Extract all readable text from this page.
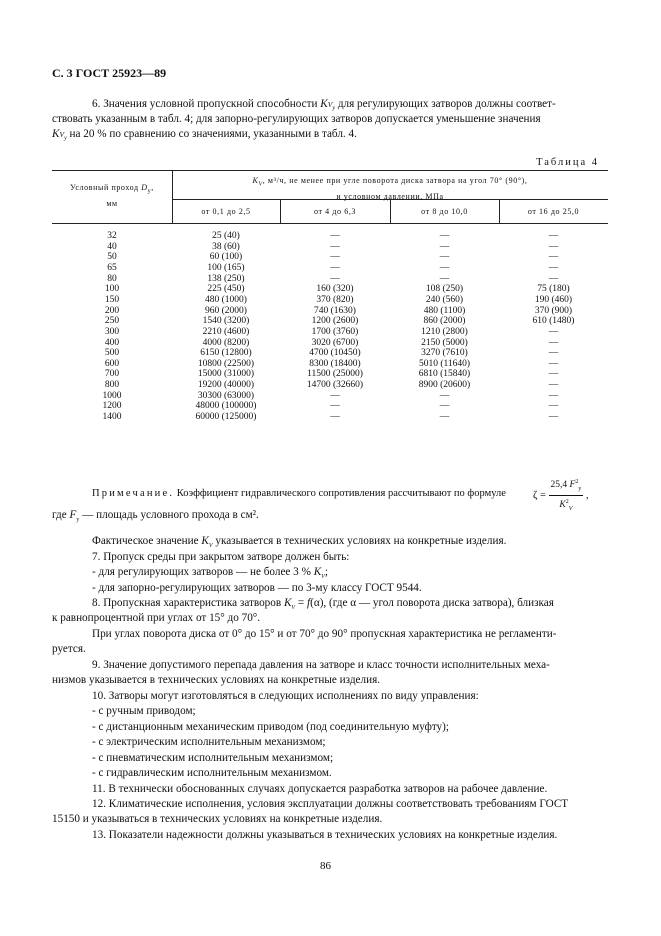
С. 3 ГОСТ 25923—89
6. Значения условной пропускной способности $KV_y$ для регулирующих затворов должны соответ-
ствовать указанным в табл. 4; для запорно-регулирующих затворов допускается уменьшение значения
$KV_y$ на 20 % по сравнению со значениями, указанными в табл. 4.
Таблица 4
Условный проход $D_у$,
мм
$K_V$, м³/ч, не менее при угле поворота диска затвора на угол 70° (90°),
и условном давлении, МПа
от 0,1 до 2,5	от 4 до 6,3	от 8 до 10,0	от 16 до 25,0
32	25 (40)	—	—	—
40	38 (60)	—	—	—
50	60 (100)	—	—	—
65	100 (165)	—	—	—
80	138 (250)	—	—	—
100	225 (450)	160 (320)	108 (250)	75 (180)
150	480 (1000)	370 (820)	240 (560)	190 (460)
200	960 (2000)	740 (1630)	480 (1100)	370 (900)
250	1540 (3200)	1200 (2600)	860 (2000)	610 (1480)
300	2210 (4600)	1700 (3760)	1210 (2800)	—
400	4000 (8200)	3020 (6700)	2150 (5000)	—
500	6150 (12800)	4700 (10450)	3270 (7610)	—
600	10800 (22500)	8300 (18400)	5010 (11640)	—
700	15000 (31000)	11500 (25000)	6810 (15840)	—
800	19200 (40000)	14700 (32660)	8900 (20600)	—
1000	30300 (63000)	—	—	—
1200	48000 (100000)	—	—	—
1400	60000 (125000)	—	—	—
Примечание. Коэффициент гидравлического сопротивления рассчитывают по формуле	$\zeta = \frac{25,4 F^2_y}{K^2_V}$ ,
где $F_y$ — площадь условного прохода в см².
Фактическое значение $K_V$ указывается в технических условиях на конкретные изделия.
7. Пропуск среды при закрытом затворе должен быть:
- для регулирующих затворов — не более 3 % $K_V$;
- для запорно-регулирующих затворов — по 3-му классу ГОСТ 9544.
8. Пропускная характеристика затворов $K_V = f(\alpha)$, (где α — угол поворота диска затвора), близкая
к равнопроцентной при углах от 15° до 70°.
При углах поворота диска от 0° до 15° и от 70° до 90° пропускная характеристика не регламенти-
руется.
9. Значение допустимого перепада давления на затворе и класс точности исполнительных меха-
низмов указывается в технических условиях на конкретные изделия.
10. Затворы могут изготовляться в следующих исполнениях по виду управления:
- с ручным приводом;
- с дистанционным механическим приводом (под соединительную муфту);
- с электрическим исполнительным механизмом;
- с пневматическим исполнительным механизмом;
- с гидравлическим исполнительным механизмом.
11. В технически обоснованных случаях допускается разработка затворов на рабочее давление.
12. Климатические исполнения, условия эксплуатации должны соответствовать требованиям ГОСТ
15150 и указываться в технических условиях на конкретные изделия.
13. Показатели надежности должны указываться в технических условиях на конкретные изделия.
86
